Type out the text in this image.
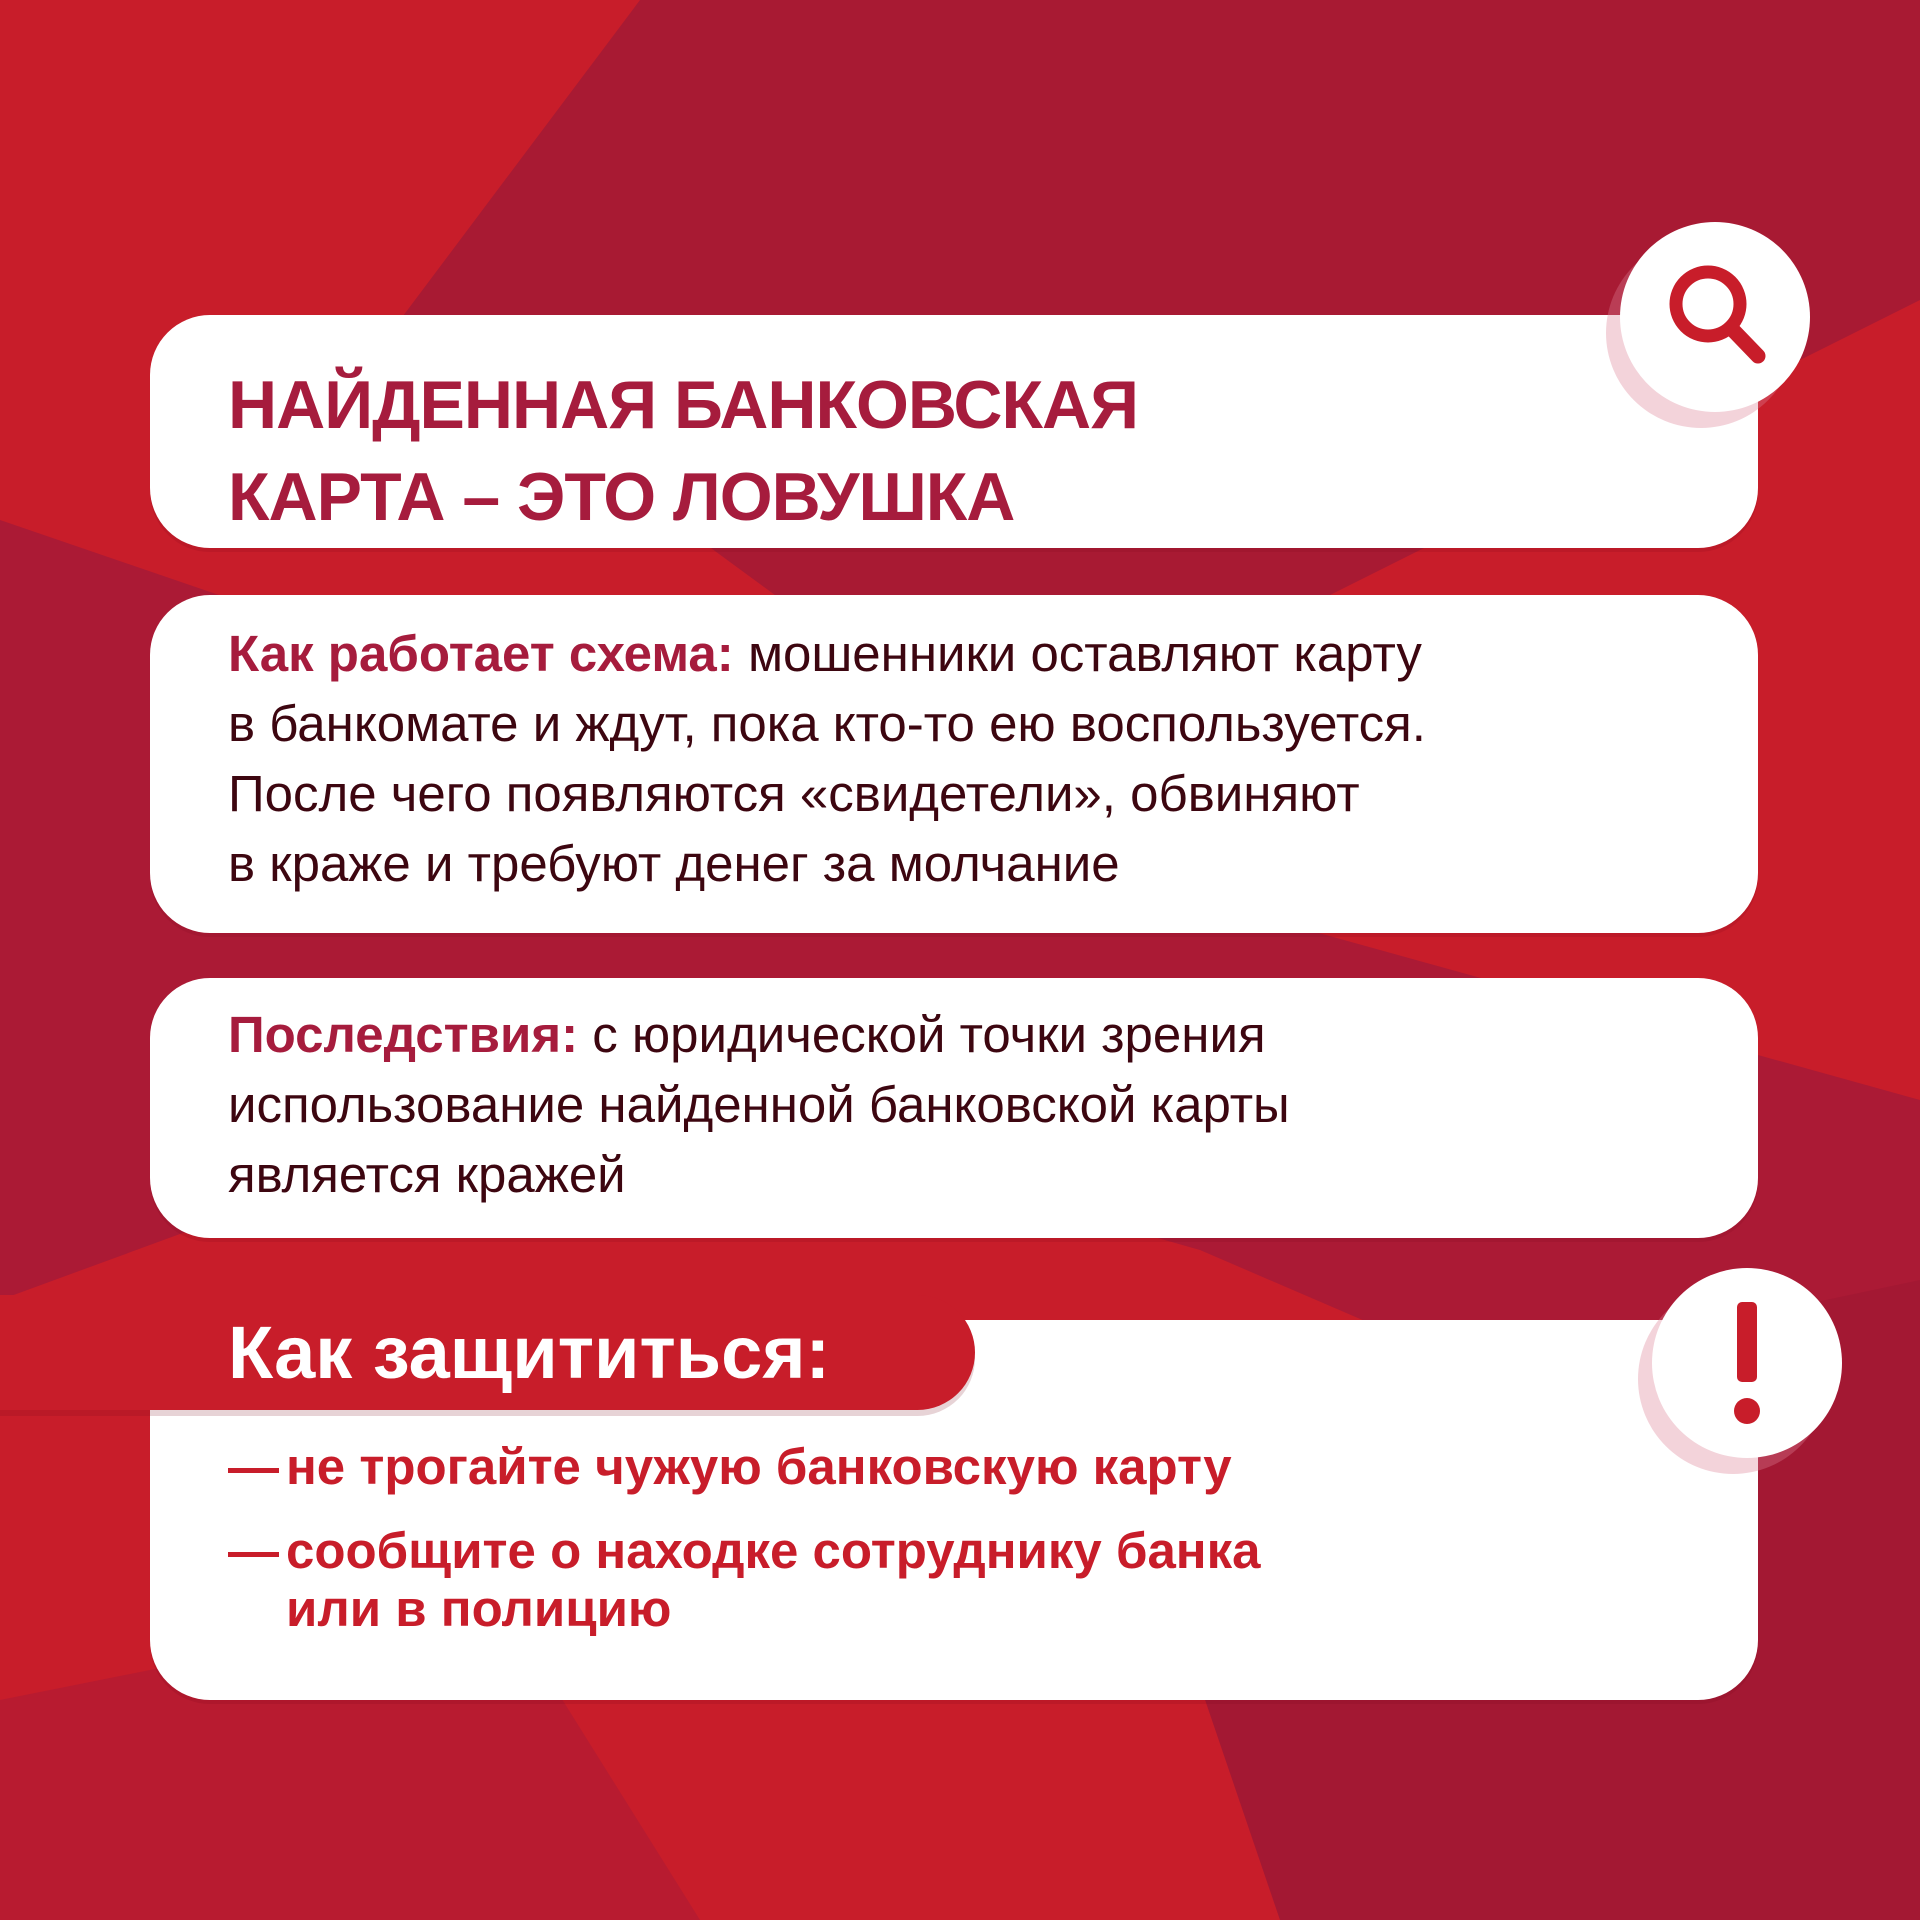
НАЙДЕННАЯ БАНКОВСКАЯ
КАРТА – ЭТО ЛОВУШКА

Как работает схема: мошенники оставляют карту
в банкомате и ждут, пока кто-то ею воспользуется.
После чего появляются «свидетели», обвиняют
в краже и требуют денег за молчание

Последствия: с юридической точки зрения
использование найденной банковской карты
является кражей

— не трогайте чужую банковскую карту
— сообщите о находке сотруднику банка
или в полицию
Как защититься:
